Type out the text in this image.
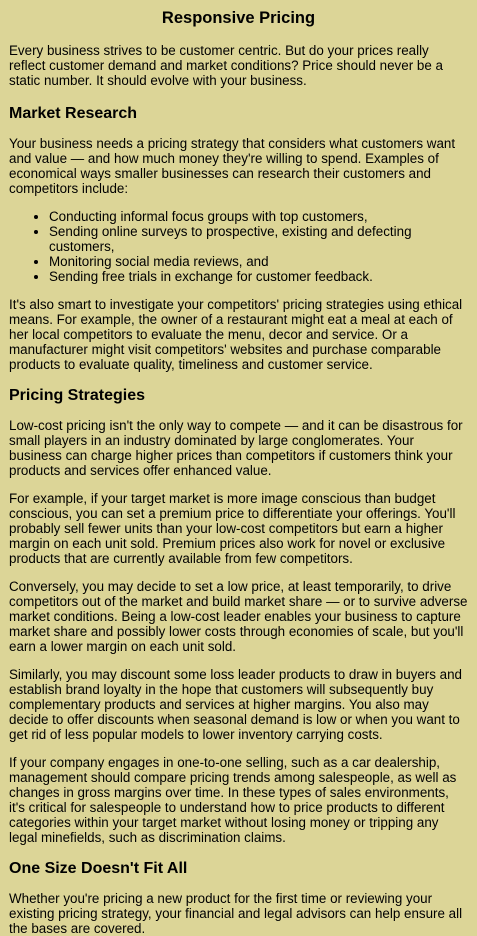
Responsive Pricing

Every business strives to be customer centric. But do your prices really reflect customer demand and market conditions? Price should never be a static number. It should evolve with your business.

Market Research

Your business needs a pricing strategy that considers what customers want and value — and how much money they're willing to spend. Examples of economical ways smaller businesses can research their customers and competitors include:

• Conducting informal focus groups with top customers,
• Sending online surveys to prospective, existing and defecting customers,
• Monitoring social media reviews, and
• Sending free trials in exchange for customer feedback.

It's also smart to investigate your competitors' pricing strategies using ethical means. For example, the owner of a restaurant might eat a meal at each of her local competitors to evaluate the menu, decor and service. Or a manufacturer might visit competitors' websites and purchase comparable products to evaluate quality, timeliness and customer service.

Pricing Strategies

Low-cost pricing isn't the only way to compete — and it can be disastrous for small players in an industry dominated by large conglomerates. Your business can charge higher prices than competitors if customers think your products and services offer enhanced value.

For example, if your target market is more image conscious than budget conscious, you can set a premium price to differentiate your offerings. You'll probably sell fewer units than your low-cost competitors but earn a higher margin on each unit sold. Premium prices also work for novel or exclusive products that are currently available from few competitors.

Conversely, you may decide to set a low price, at least temporarily, to drive competitors out of the market and build market share — or to survive adverse market conditions. Being a low-cost leader enables your business to capture market share and possibly lower costs through economies of scale, but you'll earn a lower margin on each unit sold.

Similarly, you may discount some loss leader products to draw in buyers and establish brand loyalty in the hope that customers will subsequently buy complementary products and services at higher margins. You also may decide to offer discounts when seasonal demand is low or when you want to get rid of less popular models to lower inventory carrying costs.

If your company engages in one-to-one selling, such as a car dealership, management should compare pricing trends among salespeople, as well as changes in gross margins over time. In these types of sales environments, it's critical for salespeople to understand how to price products to different categories within your target market without losing money or tripping any legal minefields, such as discrimination claims.

One Size Doesn't Fit All

Whether you're pricing a new product for the first time or reviewing your existing pricing strategy, your financial and legal advisors can help ensure all the bases are covered.
